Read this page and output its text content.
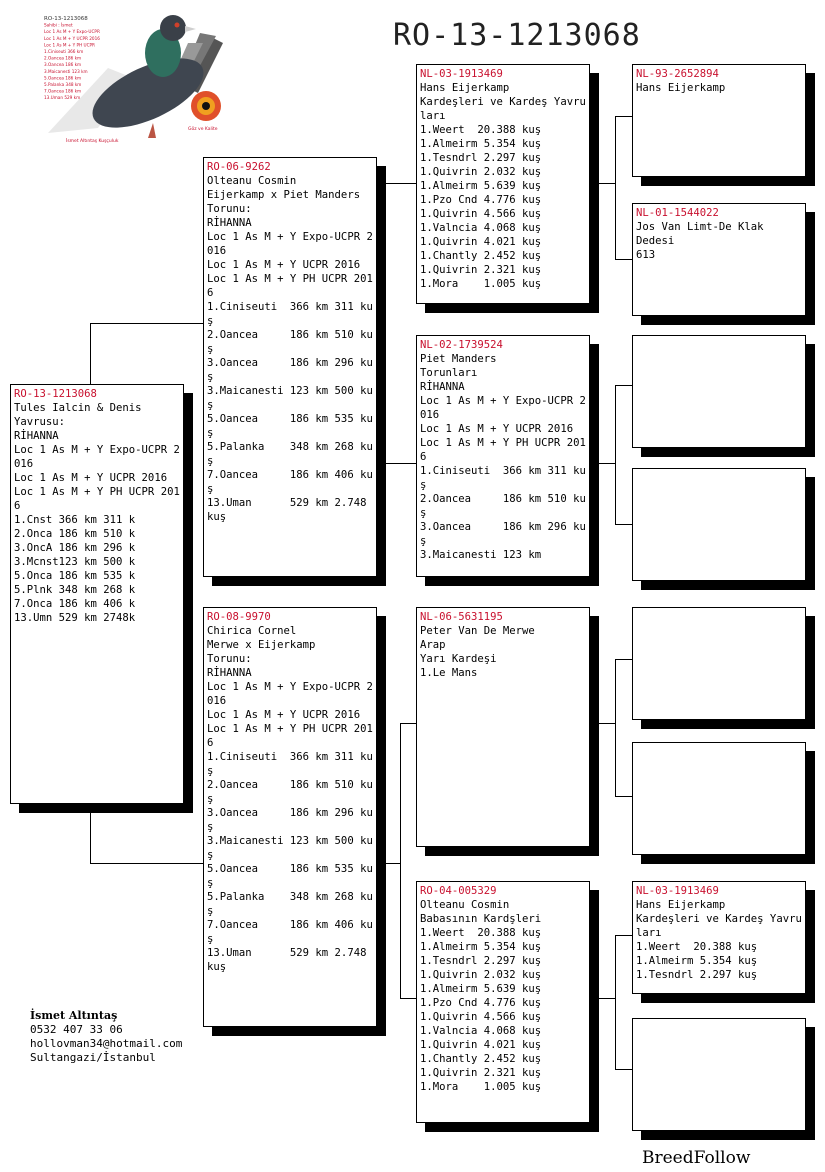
RO-13-1213068
RO-13-1213068
Sahibi : İsmet
Loc 1 As M + Y Expo-UCPR
Loc 1 As M + Y UCPR 2016
Loc 1 As M + Y PH UCPR
1.Ciniseuti 366 km
2.Oancea 186 km
3.Oancea 186 km
3.Maicanesti 123 km
5.Oancea 186 km
5.Palanka 348 km
7.Oancea 186 km
13.Uman 529 km
İsmet Altıntaş Kuşçuluk
Göz ve Kalite
RO-13-1213068
Tules Ialcin & Denis
Yavrusu:
RİHANNA
Loc 1 As M + Y Expo-UCPR 2016
Loc 1 As M + Y UCPR 2016
Loc 1 As M + Y PH UCPR 2016
1.Cnst 366 km 311 k
2.Onca 186 km 510 k
3.OncA 186 km 296 k
3.Mcnst123 km 500 k
5.Onca 186 km 535 k
5.Plnk 348 km 268 k
7.Onca 186 km 406 k
13.Umn 529 km 2748k
RO-06-9262
Olteanu Cosmin
Eijerkamp x Piet Manders
Torunu:
RİHANNA
Loc 1 As M + Y Expo-UCPR 2016
Loc 1 As M + Y UCPR 2016
Loc 1 As M + Y PH UCPR 2016
1.Ciniseuti  366 km 311 kuş
2.Oancea     186 km 510 kuş
3.Oancea     186 km 296 kuş
3.Maicanesti 123 km 500 kuş
5.Oancea     186 km 535 kuş
5.Palanka    348 km 268 kuş
7.Oancea     186 km 406 kuş
13.Uman      529 km 2.748 kuş
RO-08-9970
Chirica Cornel
Merwe x Eijerkamp
Torunu:
RİHANNA
Loc 1 As M + Y Expo-UCPR 2016
Loc 1 As M + Y UCPR 2016
Loc 1 As M + Y PH UCPR 2016
1.Ciniseuti  366 km 311 kuş
2.Oancea     186 km 510 kuş
3.Oancea     186 km 296 kuş
3.Maicanesti 123 km 500 kuş
5.Oancea     186 km 535 kuş
5.Palanka    348 km 268 kuş
7.Oancea     186 km 406 kuş
13.Uman      529 km 2.748 kuş
NL-03-1913469
Hans Eijerkamp
Kardeşleri ve Kardeş Yavruları
1.Weert  20.388 kuş
1.Almeirm 5.354 kuş
1.Tesndrl 2.297 kuş
1.Quivrin 2.032 kuş
1.Almeirm 5.639 kuş
1.Pzo Cnd 4.776 kuş
1.Quivrin 4.566 kuş
1.Valncia 4.068 kuş
1.Quivrin 4.021 kuş
1.Chantly 2.452 kuş
1.Quivrin 2.321 kuş
1.Mora    1.005 kuş
NL-02-1739524
Piet Manders
Torunları
RİHANNA
Loc 1 As M + Y Expo-UCPR 2016
Loc 1 As M + Y UCPR 2016
Loc 1 As M + Y PH UCPR 2016
1.Ciniseuti  366 km 311 kuş
2.Oancea     186 km 510 kuş
3.Oancea     186 km 296 kuş
3.Maicanesti 123 km
NL-06-5631195
Peter Van De Merwe
Arap
Yarı Kardeşi
1.Le Mans
RO-04-005329
Olteanu Cosmin
Babasının Kardşleri
1.Weert  20.388 kuş
1.Almeirm 5.354 kuş
1.Tesndrl 2.297 kuş
1.Quivrin 2.032 kuş
1.Almeirm 5.639 kuş
1.Pzo Cnd 4.776 kuş
1.Quivrin 4.566 kuş
1.Valncia 4.068 kuş
1.Quivrin 4.021 kuş
1.Chantly 2.452 kuş
1.Quivrin 2.321 kuş
1.Mora    1.005 kuş
NL-93-2652894
Hans Eijerkamp
NL-01-1544022
Jos Van Limt-De Klak
Dedesi
613
NL-03-1913469
Hans Eijerkamp
Kardeşleri ve Kardeş Yavruları
1.Weert  20.388 kuş
1.Almeirm 5.354 kuş
1.Tesndrl 2.297 kuş
İsmet Altıntaş
0532 407 33 06
hollovman34@hotmail.com
Sultangazi/İstanbul
BreedFollow
